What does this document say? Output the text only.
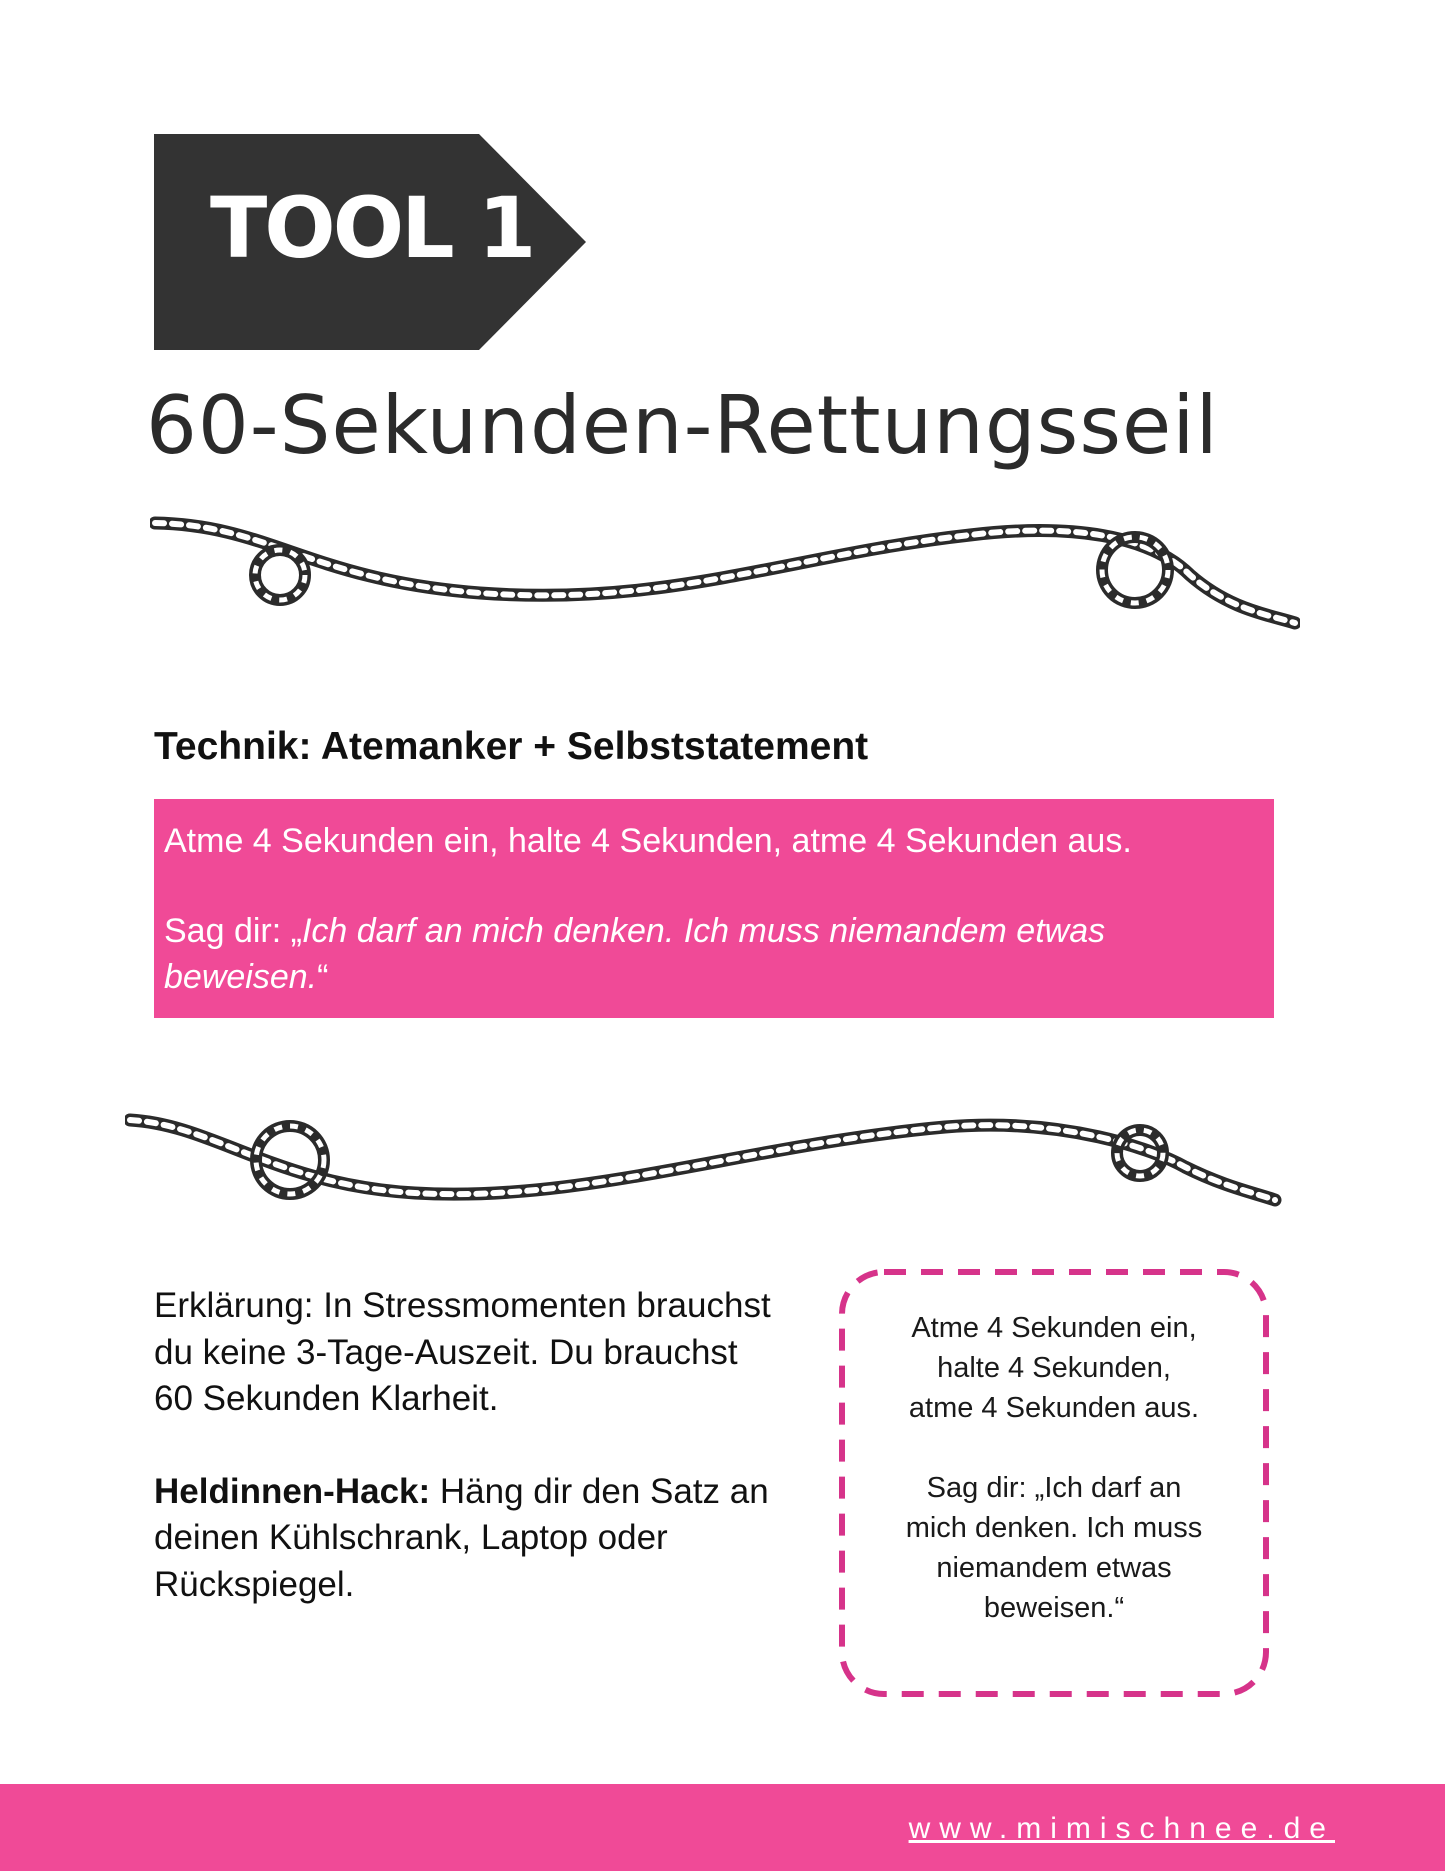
TOOL 1
60-Sekunden-Rettungsseil
Technik: Atemanker + Selbststatement

Atme 4 Sekunden ein, halte 4 Sekunden, atme 4 Sekunden aus.

Sag dir: „Ich darf an mich denken. Ich muss niemandem etwas beweisen.“

Erklärung: In Stressmomenten brauchst du keine 3-Tage-Auszeit. Du brauchst 60 Sekunden Klarheit.

Heldinnen-Hack: Häng dir den Satz an deinen Kühlschrank, Laptop oder Rückspiegel.

Atme 4 Sekunden ein,

halte 4 Sekunden,

atme 4 Sekunden aus.

Sag dir: „Ich darf an

mich denken. Ich muss

niemandem etwas

beweisen.“

www.mimischnee.de
